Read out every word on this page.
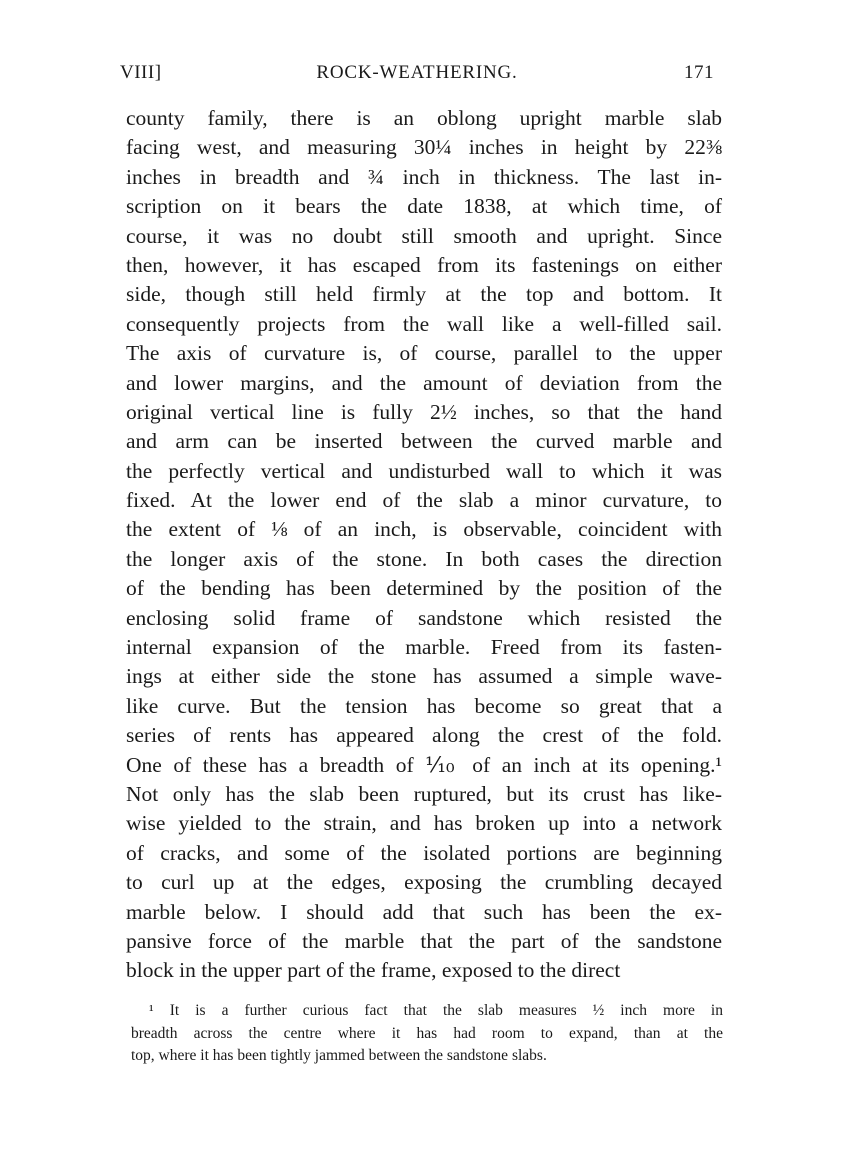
VIII]	ROCK-WEATHERING.	171
county family, there is an oblong upright marble slab
facing west, and measuring 30¼ inches in height by 22⅜
inches in breadth and ¾ inch in thickness. The last in-
scription on it bears the date 1838, at which time, of
course, it was no doubt still smooth and upright. Since
then, however, it has escaped from its fastenings on either
side, though still held firmly at the top and bottom. It
consequently projects from the wall like a well-filled sail.
The axis of curvature is, of course, parallel to the upper
and lower margins, and the amount of deviation from the
original vertical line is fully 2½ inches, so that the hand
and arm can be inserted between the curved marble and
the perfectly vertical and undisturbed wall to which it was
fixed. At the lower end of the slab a minor curvature, to
the extent of ⅛ of an inch, is observable, coincident with
the longer axis of the stone. In both cases the direction
of the bending has been determined by the position of the
enclosing solid frame of sandstone which resisted the
internal expansion of the marble. Freed from its fasten-
ings at either side the stone has assumed a simple wave-
like curve. But the tension has become so great that a
series of rents has appeared along the crest of the fold.
One of these has a breadth of ⅒ of an inch at its opening.¹
Not only has the slab been ruptured, but its crust has like-
wise yielded to the strain, and has broken up into a network
of cracks, and some of the isolated portions are beginning
to curl up at the edges, exposing the crumbling decayed
marble below. I should add that such has been the ex-
pansive force of the marble that the part of the sandstone
block in the upper part of the frame, exposed to the direct
¹ It is a further curious fact that the slab measures ½ inch more in
breadth across the centre where it has had room to expand, than at the
top, where it has been tightly jammed between the sandstone slabs.
